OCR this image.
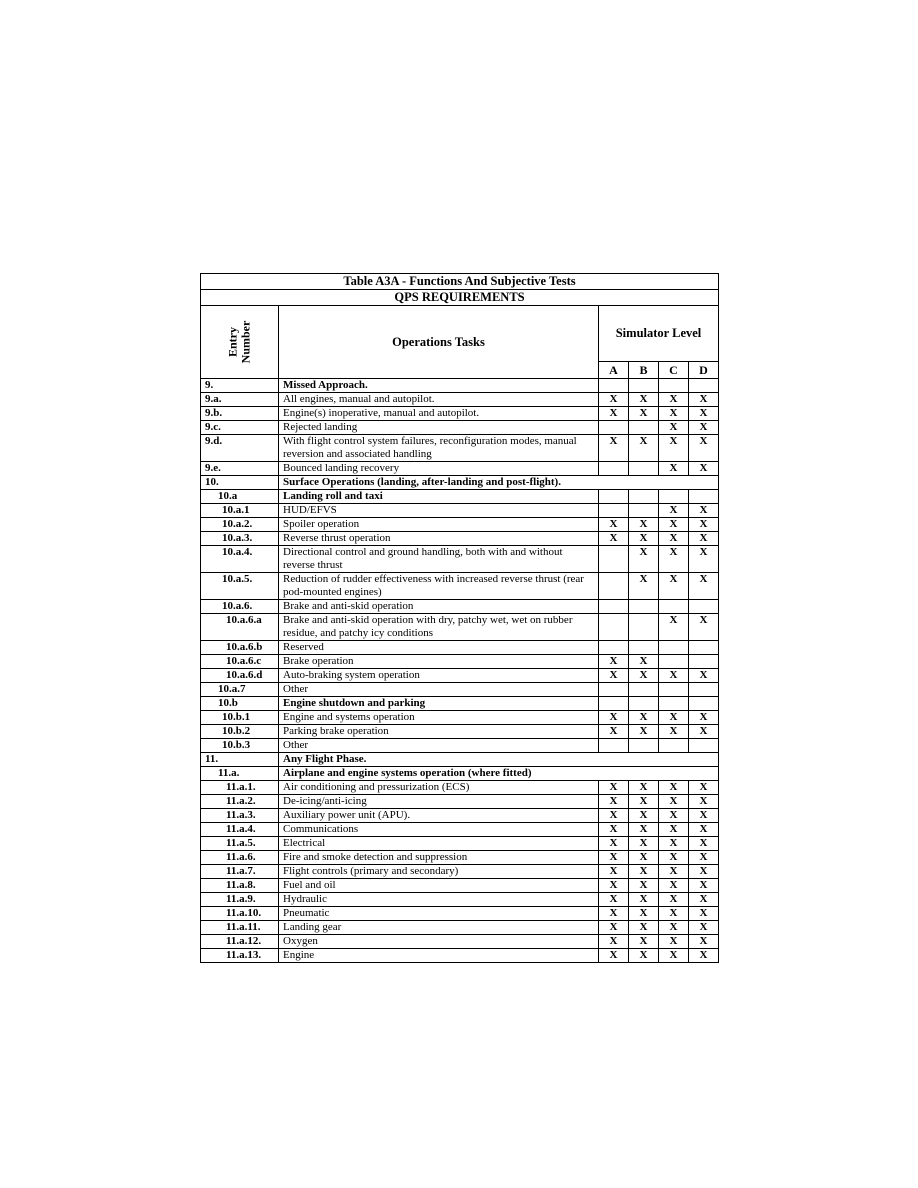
Table A3A - Functions And Subjective Tests					
QPS REQUIREMENTS					
Entry
Number	Operations Tasks	Simulator Level			
		A	B	C	D
9.	Missed Approach.				
9.a.	All engines, manual and autopilot.	X	X	X	X
9.b.	Engine(s) inoperative, manual and autopilot.	X	X	X	X
9.c.	Rejected landing			X	X
9.d.	With flight control system failures, reconfiguration modes, manual reversion and associated handling	X	X	X	X
9.e.	Bounced landing recovery			X	X
10.	Surface Operations (landing, after-landing and post-flight).				
10.a	Landing roll and taxi				
10.a.1	HUD/EFVS			X	X
10.a.2.	Spoiler operation	X	X	X	X
10.a.3.	Reverse thrust operation	X	X	X	X
10.a.4.	Directional control and ground handling, both with and without reverse thrust		X	X	X
10.a.5.	Reduction of rudder effectiveness with increased reverse thrust (rear pod-mounted engines)		X	X	X
10.a.6.	Brake and anti-skid operation				
10.a.6.a	Brake and anti-skid operation with dry, patchy wet, wet on rubber residue, and patchy icy conditions			X	X
10.a.6.b	Reserved				
10.a.6.c	Brake operation	X	X		
10.a.6.d	Auto-braking system operation	X	X	X	X
10.a.7	Other				
10.b	Engine shutdown and parking				
10.b.1	Engine and systems operation	X	X	X	X
10.b.2	Parking brake operation	X	X	X	X
10.b.3	Other				
11.	Any Flight Phase.				
11.a.	Airplane and engine systems operation (where fitted)				
11.a.1.	Air conditioning and pressurization (ECS)	X	X	X	X
11.a.2.	De-icing/anti-icing	X	X	X	X
11.a.3.	Auxiliary power unit (APU).	X	X	X	X
11.a.4.	Communications	X	X	X	X
11.a.5.	Electrical	X	X	X	X
11.a.6.	Fire and smoke detection and suppression	X	X	X	X
11.a.7.	Flight controls (primary and secondary)	X	X	X	X
11.a.8.	Fuel and oil	X	X	X	X
11.a.9.	Hydraulic	X	X	X	X
11.a.10.	Pneumatic	X	X	X	X
11.a.11.	Landing gear	X	X	X	X
11.a.12.	Oxygen	X	X	X	X
11.a.13.	Engine	X	X	X	X
